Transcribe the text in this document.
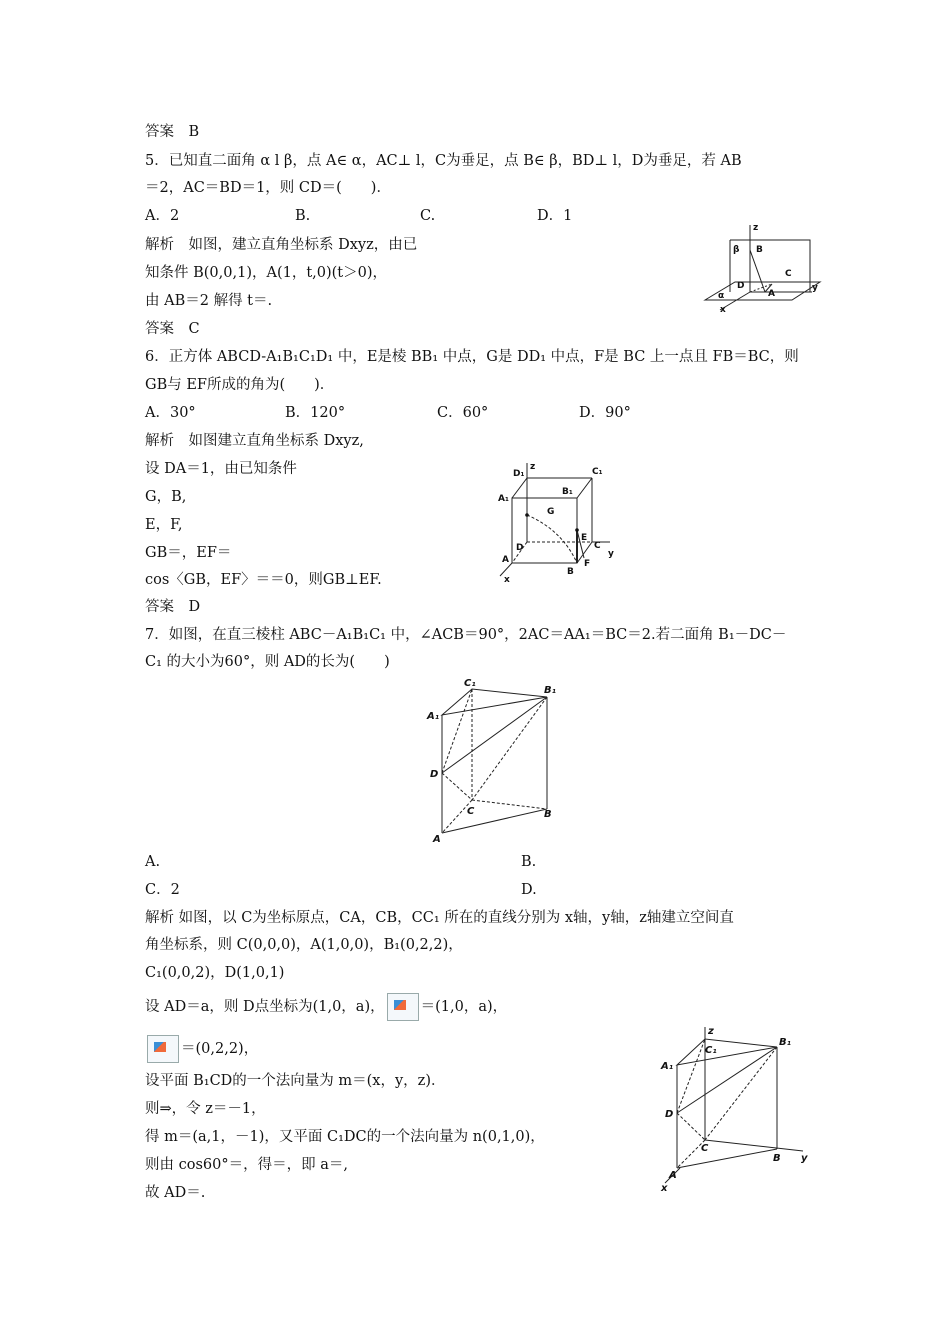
答案　 B
5．已知直二面角 α l β，点 A∈ α，AC⊥ l，C为垂足，点 B∈ β，BD⊥ l，D为垂足，若 AB
＝2，AC＝BD＝1，则 CD＝(　　)．
A．2	B.	C.	D．1
解析　如图，建立直角坐标系 Dxyz，由已
知条件 B(0,0,1)，A(1，t,0)(t＞0)，
由 AB＝2 解得 t＝.
答案　 C
z
β B
C
y
α
D
A
x
6．正方体 ABCD-A₁B₁C₁D₁ 中，E是棱 BB₁ 中点，G是 DD₁ 中点，F是 BC 上一点且 FB＝BC，则
GB与 EF所成的角为(　　)．
A．30°	B．120°	C．60°	D．90°
解析　如图建立直角坐标系 Dxyz,
设 DA＝1，由已知条件
G，B,
E，F,
GB＝，EF＝
cos〈GB，EF〉＝＝0，则GB⊥EF.
答案　 D
D₁
z	C₁
A₁
B₁
G
E
D	C
y
A
B
F
x
7．如图，在直三棱柱 ABC－A₁B₁C₁ 中，∠ACB＝90°，2AC＝AA₁＝BC＝2.若二面角 B₁－DC－
C₁ 的大小为60°，则 AD的长为(　　)
C₁
B₁
A₁
D
C	B
A
A.	B.
C．2	D.
解析 如图，以 C为坐标原点，CA，CB，CC₁ 所在的直线分别为 x轴，y轴，z轴建立空间直
角坐标系，则 C(0,0,0)，A(1,0,0)，B₁(0,2,2)，
C₁(0,0,2)，D(1,0,1)
设 AD＝a，则 D点坐标为(1,0，a)， ＝(1,0，a)，
＝(0,2,2)，
设平面 B₁CD的一个法向量为 m＝(x，y，z)．
则⇒，令 z＝－1，
得 m＝(a,1，－1)，又平面 C₁DC的一个法向量为 n(0,1,0)，
则由 cos60°＝，得＝，即 a＝,
故 AD＝.
z
C₁
B₁
A₁
D
C
B y
A
x
